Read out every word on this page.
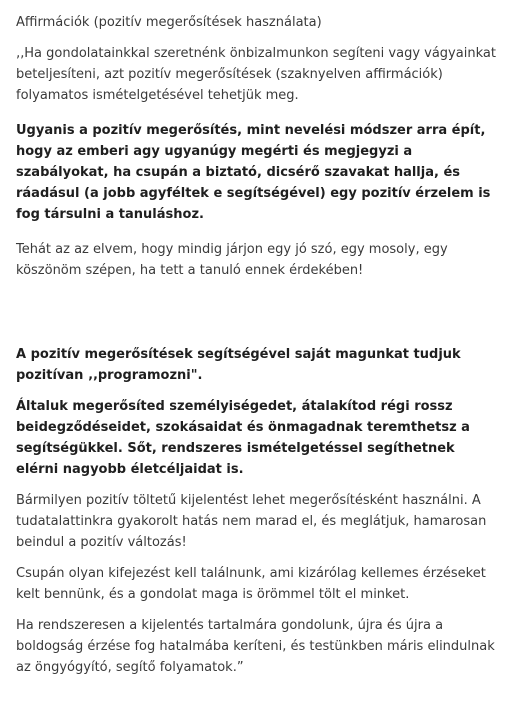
Affirmációk (pozitív megerősítések használata)

‚‚Ha gondolatainkkal szeretnénk önbizalmunkon segíteni vagy vágyainkat beteljesíteni, azt pozitív megerősítések (szaknyelven affirmációk) folyamatos ismételgetésével tehetjük meg.

Ugyanis a pozitív megerősítés, mint nevelési módszer arra épít, hogy az emberi agy ugyanúgy megérti és megjegyzi a szabályokat, ha csupán a biztató, dicsérő szavakat hallja, és ráadásul (a jobb agyféltek e segítségével) egy pozitív érzelem is fog társulni a tanuláshoz.

Tehát az az elvem, hogy mindig járjon egy jó szó, egy mosoly, egy köszönöm szépen, ha tett a tanuló ennek érdekében!

A pozitív megerősítések segítségével saját magunkat tudjuk pozitívan ‚‚programozni".

Általuk megerősíted személyiségedet, átalakítod régi rossz beidegződéseidet, szokásaidat és önmagadnak teremthetsz a segítségükkel. Sőt, rendszeres ismételgetéssel segíthetnek elérni nagyobb életcéljaidat is.

Bármilyen pozitív töltetű kijelentést lehet megerősítésként használni. A tudatalattinkra gyakorolt hatás nem marad el, és meglátjuk, hamarosan beindul a pozitív változás!

Csupán olyan kifejezést kell találnunk, ami kizárólag kellemes érzéseket kelt bennünk, és a gondolat maga is örömmel tölt el minket.

Ha rendszeresen a kijelentés tartalmára gondolunk, újra és újra a boldogság érzése fog hatalmába keríteni, és testünkben máris elindulnak az öngyógyító, segítő folyamatok.”
